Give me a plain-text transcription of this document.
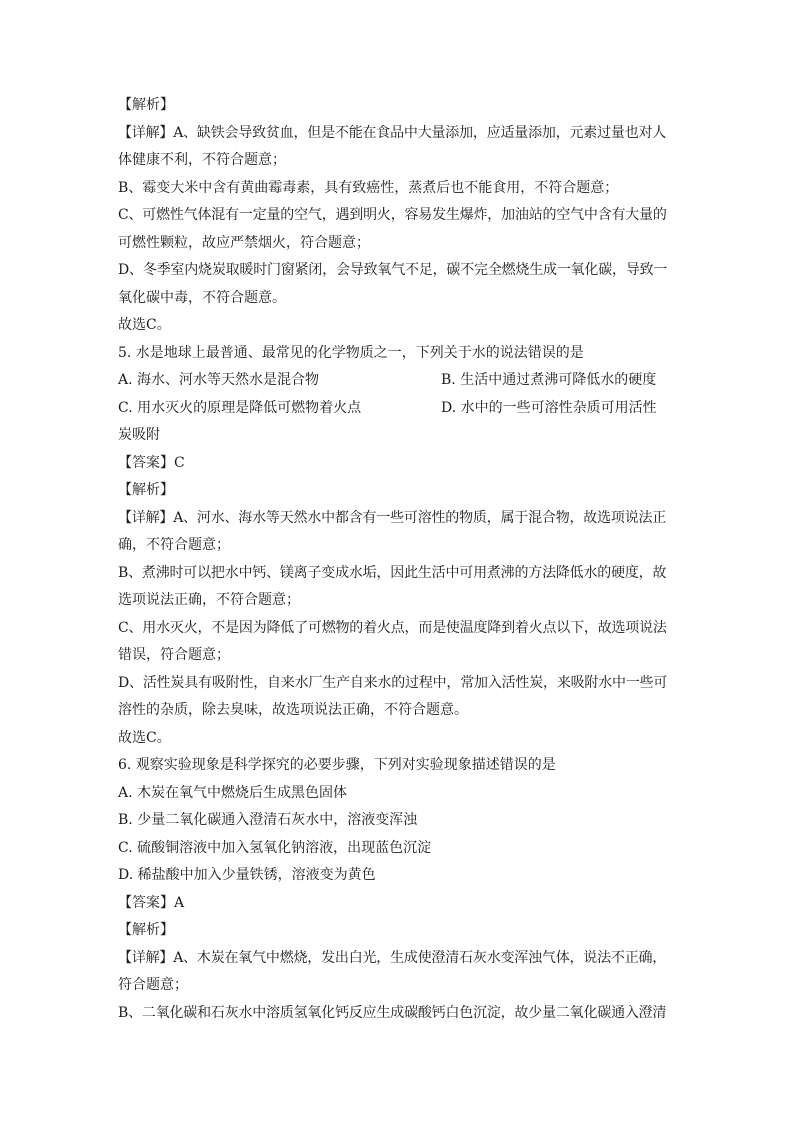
【解析】
【详解】A、缺铁会导致贫血，但是不能在食品中大量添加，应适量添加，元素过量也对人
体健康不利，不符合题意；
B、霉变大米中含有黄曲霉毒素，具有致癌性，蒸煮后也不能食用，不符合题意；
C、可燃性气体混有一定量的空气，遇到明火，容易发生爆炸，加油站的空气中含有大量的
可燃性颗粒，故应严禁烟火，符合题意；
D、冬季室内烧炭取暖时门窗紧闭，会导致氧气不足，碳不完全燃烧生成一氧化碳，导致一
氧化碳中毒，不符合题意。
故选C。
5. 水是地球上最普通、最常见的化学物质之一，下列关于水的说法错误的是
A. 海水、河水等天然水是混合物	B. 生活中通过煮沸可降低水的硬度
C. 用水灭火的原理是降低可燃物着火点	D. 水中的一些可溶性杂质可用活性
炭吸附
【答案】C
【解析】
【详解】A、河水、海水等天然水中都含有一些可溶性的物质，属于混合物，故选项说法正
确，不符合题意；
B、煮沸时可以把水中钙、镁离子变成水垢，因此生活中可用煮沸的方法降低水的硬度，故
选项说法正确，不符合题意；
C、用水灭火，不是因为降低了可燃物的着火点，而是使温度降到着火点以下，故选项说法
错误，符合题意；
D、活性炭具有吸附性，自来水厂生产自来水的过程中，常加入活性炭，来吸附水中一些可
溶性的杂质，除去臭味，故选项说法正确，不符合题意。
故选C。
6. 观察实验现象是科学探究的必要步骤，下列对实验现象描述错误的是
A. 木炭在氧气中燃烧后生成黑色固体
B. 少量二氧化碳通入澄清石灰水中，溶液变浑浊
C. 硫酸铜溶液中加入氢氧化钠溶液，出现蓝色沉淀
D. 稀盐酸中加入少量铁锈，溶液变为黄色
【答案】A
【解析】
【详解】A、木炭在氧气中燃烧，发出白光，生成使澄清石灰水变浑浊气体，说法不正确，
符合题意；
B、二氧化碳和石灰水中溶质氢氧化钙反应生成碳酸钙白色沉淀，故少量二氧化碳通入澄清
